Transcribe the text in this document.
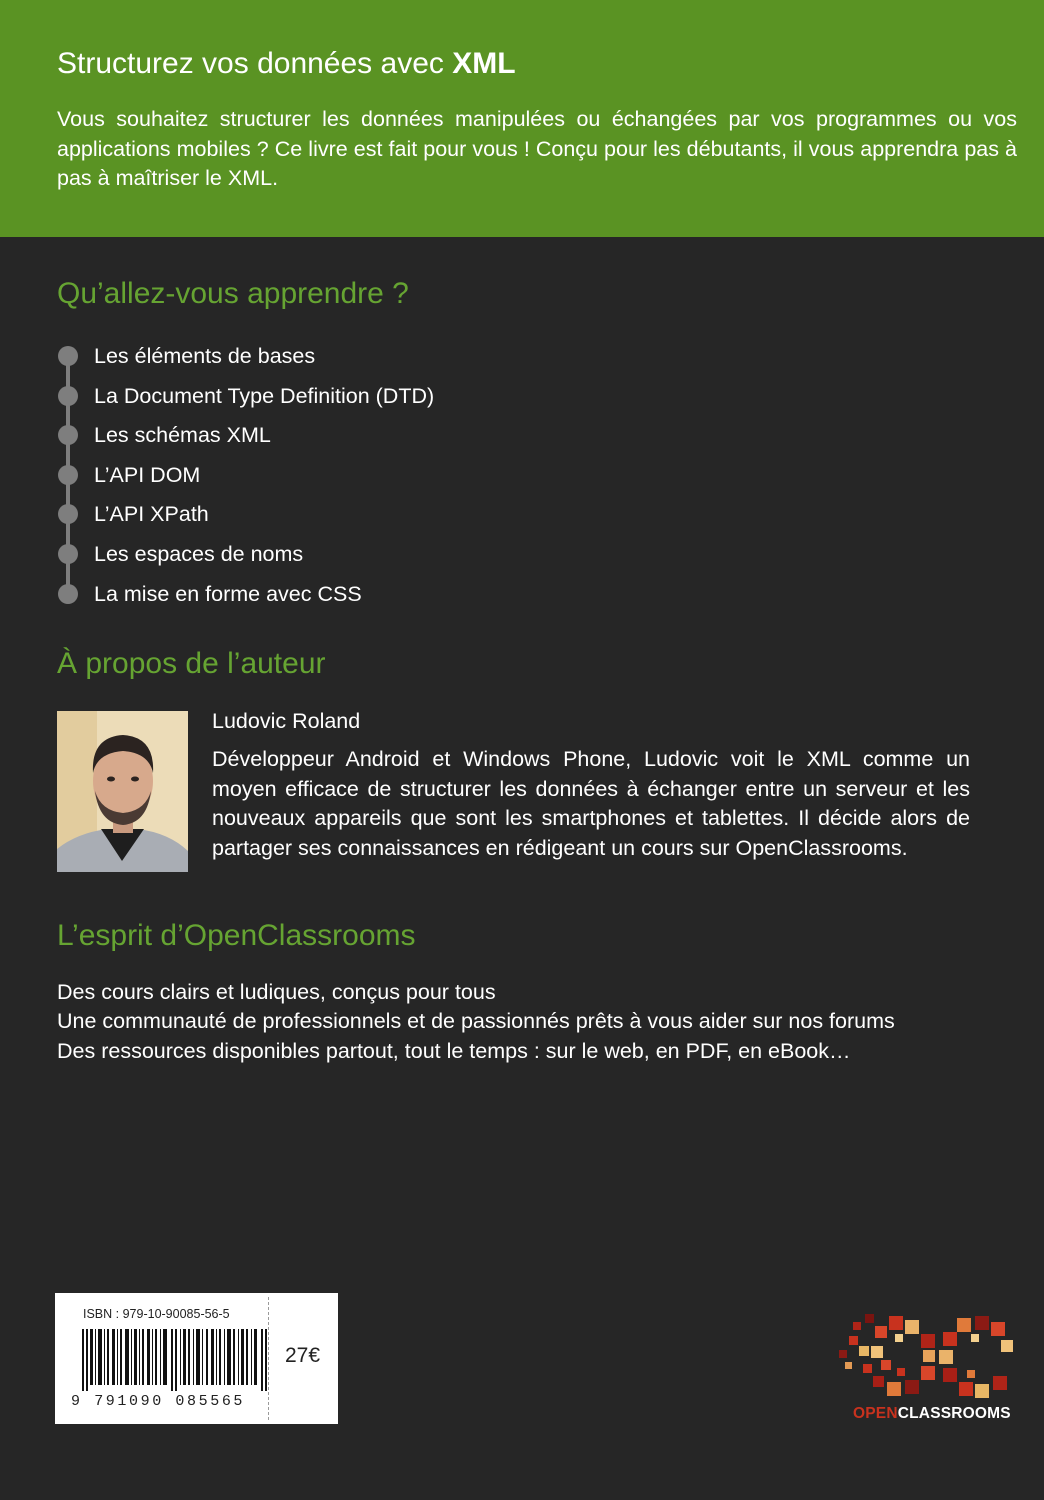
Structurez vos données avec XML
Vous souhaitez structurer les données manipulées ou échangées par vos programmes ou vos applications mobiles ? Ce livre est fait pour vous ! Conçu pour les débutants, il vous apprendra pas à pas à maîtriser le XML.
Qu’allez-vous apprendre ?
Les éléments de bases
La Document Type Definition (DTD)
Les schémas XML
L’API DOM
L’API XPath
Les espaces de noms
La mise en forme avec CSS
À propos de l’auteur
Ludovic Roland
Développeur Android et Windows Phone, Ludovic voit le XML comme un moyen efficace de structurer les données à échanger entre un serveur et les nouveaux appareils que sont les smartphones et tablettes. Il décide alors de partager ses connaissances en rédigeant un cours sur OpenClassrooms.
L’esprit d’OpenClassrooms
Des cours clairs et ludiques, conçus pour tous
Une communauté de professionnels et de passionnés prêts à vous aider sur nos forums
Des ressources disponibles partout, tout le temps : sur le web, en PDF, en eBook…
ISBN : 979-10-90085-56-5
9 791090 085565
27€
OPENCLASSROOMS
